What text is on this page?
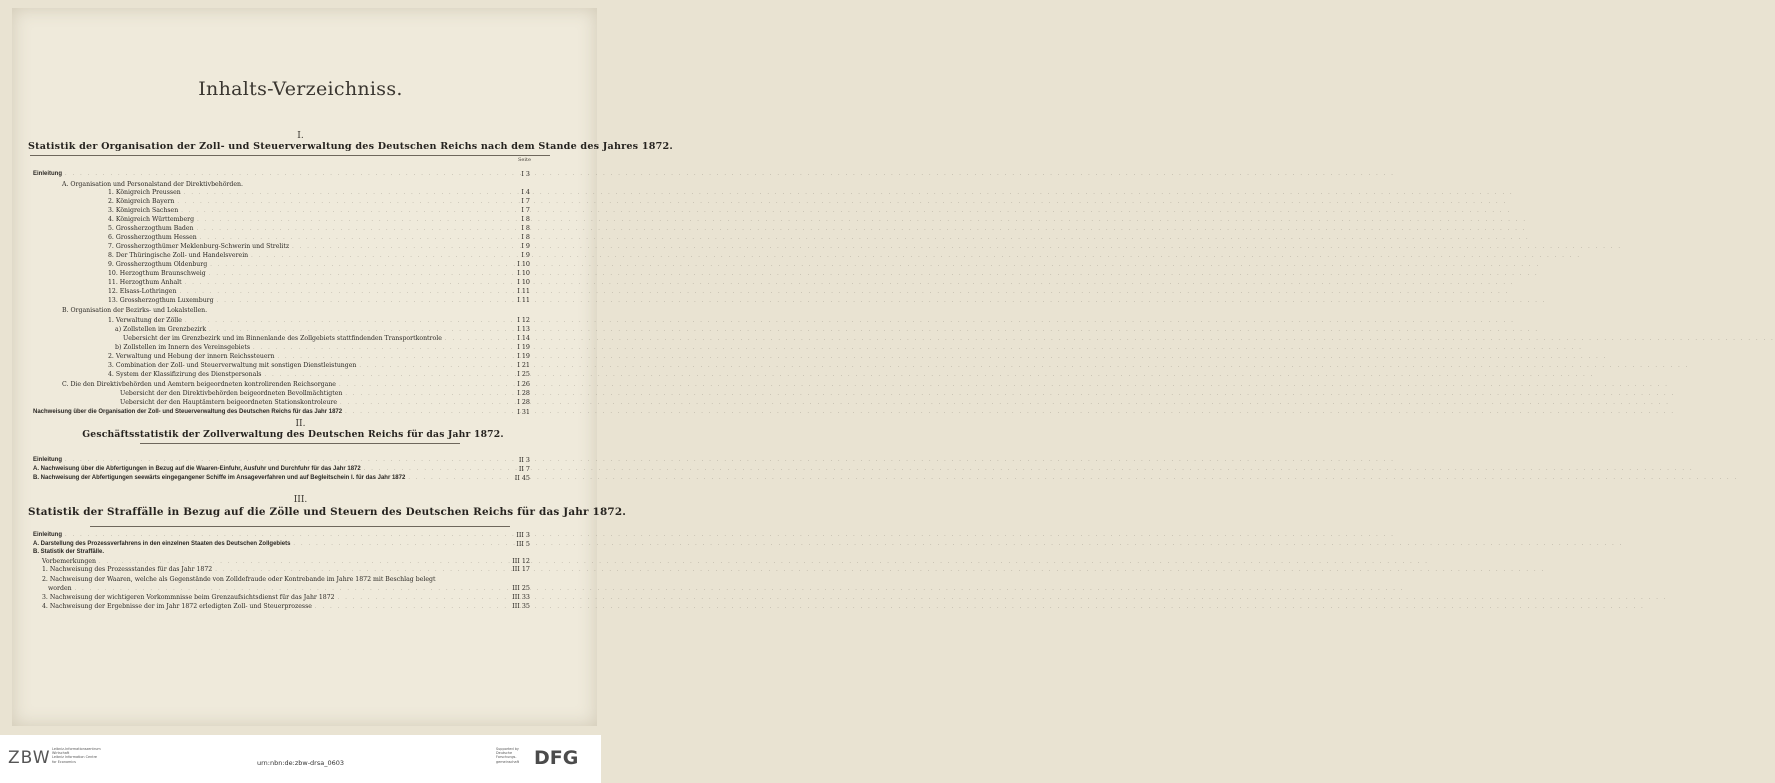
Inhalts-Verzeichniss.
I.
Statistik der Organisation der Zoll- und Steuerverwaltung des Deutschen Reichs nach dem Stande des Jahres 1872.
Seite
Einleitung . . .	I 3
A. Organisation und Personalstand der Direktivbehörden.
1. Königreich Preussen . . .	I 4
2. Königreich Bayern . . .	I 7
3. Königreich Sachsen . . .	I 7
4. Königreich Württemberg . . .	I 8
5. Grossherzogthum Baden . . .	I 8
6. Grossherzogthum Hessen . . .	I 8
7. Grossherzogthümer Meklenburg-Schwerin und Strelitz . . .	I 9
8. Der Thüringische Zoll- und Handelsverein . . .	I 9
9. Grossherzogthum Oldenburg . . .	I 10
10. Herzogthum Braunschweig . . .	I 10
11. Herzogthum Anhalt . . .	I 10
12. Elsass-Lothringen . . .	I 11
13. Grossherzogthum Luxemburg . . .	I 11
B. Organisation der Bezirks- und Lokalstellen.
1. Verwaltung der Zölle . . .	I 12
a) Zollstellen im Grenzbezirk . . .	I 13
Uebersicht der im Grenzbezirk und im Binnenlande des Zollgebiets stattfindenden Transportkontrole . . .	I 14
b) Zollstellen im Innern des Vereinsgebiets . . .	I 19
2. Verwaltung und Hebung der innern Reichssteuern . . .	I 19
3. Combination der Zoll- und Steuerverwaltung mit sonstigen Dienstleistungen . . .	I 21
4. System der Klassifizirung des Dienstpersonals . . .	I 25
C. Die den Direktivbehörden und Aemtern beigeordneten kontrolirenden Reichsorgane . . .	I 26
Uebersicht der den Direktivbehörden beigeordneten Bevollmächtigten . . .	I 28
Uebersicht der den Hauptämtern beigeordneten Stationskontroleure . . .	I 28
Nachweisung über die Organisation der Zoll- und Steuerverwaltung des Deutschen Reichs für das Jahr 1872 . . .	I 31
II.
Geschäftsstatistik der Zollverwaltung des Deutschen Reichs für das Jahr 1872.
Einleitung . . .	II 3
A. Nachweisung über die Abfertigungen in Bezug auf die Waaren-Einfuhr, Ausfuhr und Durchfuhr für das Jahr 1872 . . .	II 7
B. Nachweisung der Abfertigungen seewärts eingegangener Schiffe im Ansageverfahren und auf Begleitschein I. für das Jahr 1872 . . .	II 45
III.
Statistik der Straffälle in Bezug auf die Zölle und Steuern des Deutschen Reichs für das Jahr 1872.
Einleitung . . .	III 3
A. Darstellung des Prozessverfahrens in den einzelnen Staaten des Deutschen Zollgebiets . . .	III 5
B. Statistik der Straffälle.
Vorbemerkungen . . .	III 12
1. Nachweisung des Prozessstandes für das Jahr 1872 . . .	III 17
2. Nachweisung der Waaren, welche als Gegenstände von Zolldefraude oder Kontrebande im Jahre 1872 mit Beschlag belegt
worden . . .	III 25
3. Nachweisung der wichtigeren Vorkommnisse beim Grenzaufsichtsdienst für das Jahr 1872 . . .	III 33
4. Nachweisung der Ergebnisse der im Jahr 1872 erledigten Zoll- und Steuerprozesse . . .	III 35
ZBW Leibniz-Informationszentrum
Wirtschaft
Leibniz Information Centre
for Economics	urn:nbn:de:zbw-drsa_0603
Supported by
Deutsche
Forschungs-
gemeinschaft DFG
